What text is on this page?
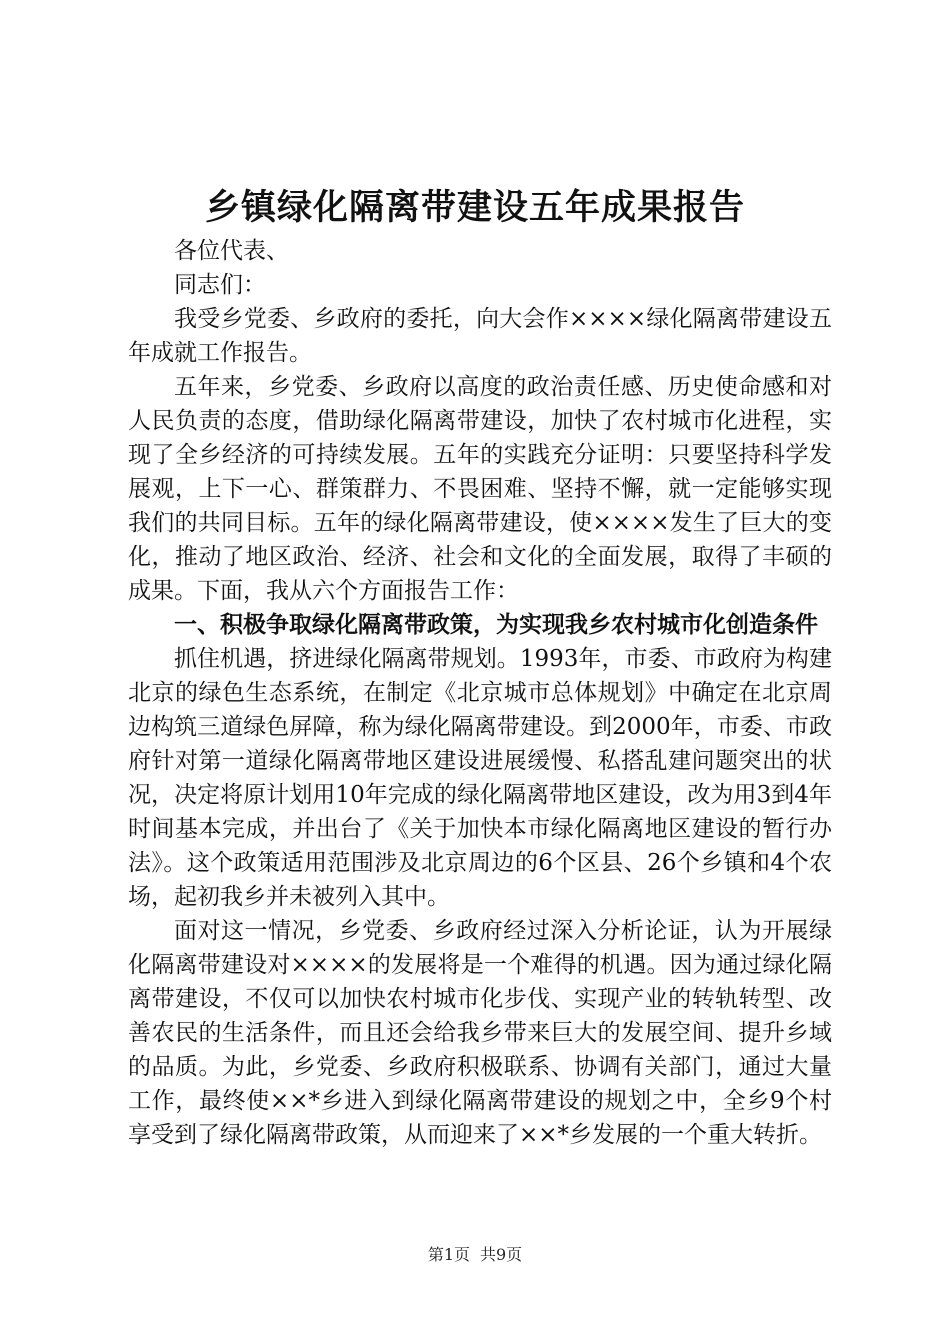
乡镇绿化隔离带建设五年成果报告

各位代表、

同志们：

我受乡党委、乡政府的委托，向大会作××××绿化隔离带建设五年成就工作报告。

五年来，乡党委、乡政府以高度的政治责任感、历史使命感和对人民负责的态度，借助绿化隔离带建设，加快了农村城市化进程，实现了全乡经济的可持续发展。五年的实践充分证明：只要坚持科学发展观，上下一心、群策群力、不畏困难、坚持不懈，就一定能够实现我们的共同目标。五年的绿化隔离带建设，使××××发生了巨大的变化，推动了地区政治、经济、社会和文化的全面发展，取得了丰硕的成果。下面，我从六个方面报告工作：

一、积极争取绿化隔离带政策，为实现我乡农村城市化创造条件

抓住机遇，挤进绿化隔离带规划。1993年，市委、市政府为构建北京的绿色生态系统，在制定《北京城市总体规划》中确定在北京周边构筑三道绿色屏障，称为绿化隔离带建设。到2000年，市委、市政府针对第一道绿化隔离带地区建设进展缓慢、私搭乱建问题突出的状况，决定将原计划用10年完成的绿化隔离带地区建设，改为用3到4年时间基本完成，并出台了《关于加快本市绿化隔离地区建设的暂行办法》。这个政策适用范围涉及北京周边的6个区县、26个乡镇和4个农场，起初我乡并未被列入其中。

面对这一情况，乡党委、乡政府经过深入分析论证，认为开展绿化隔离带建设对××××的发展将是一个难得的机遇。因为通过绿化隔离带建设，不仅可以加快农村城市化步伐、实现产业的转轨转型、改善农民的生活条件，而且还会给我乡带来巨大的发展空间、提升乡域的品质。为此，乡党委、乡政府积极联系、协调有关部门，通过大量工作，最终使××*乡进入到绿化隔离带建设的规划之中，全乡9个村享受到了绿化隔离带政策，从而迎来了××*乡发展的一个重大转折。

第1页 共9页
